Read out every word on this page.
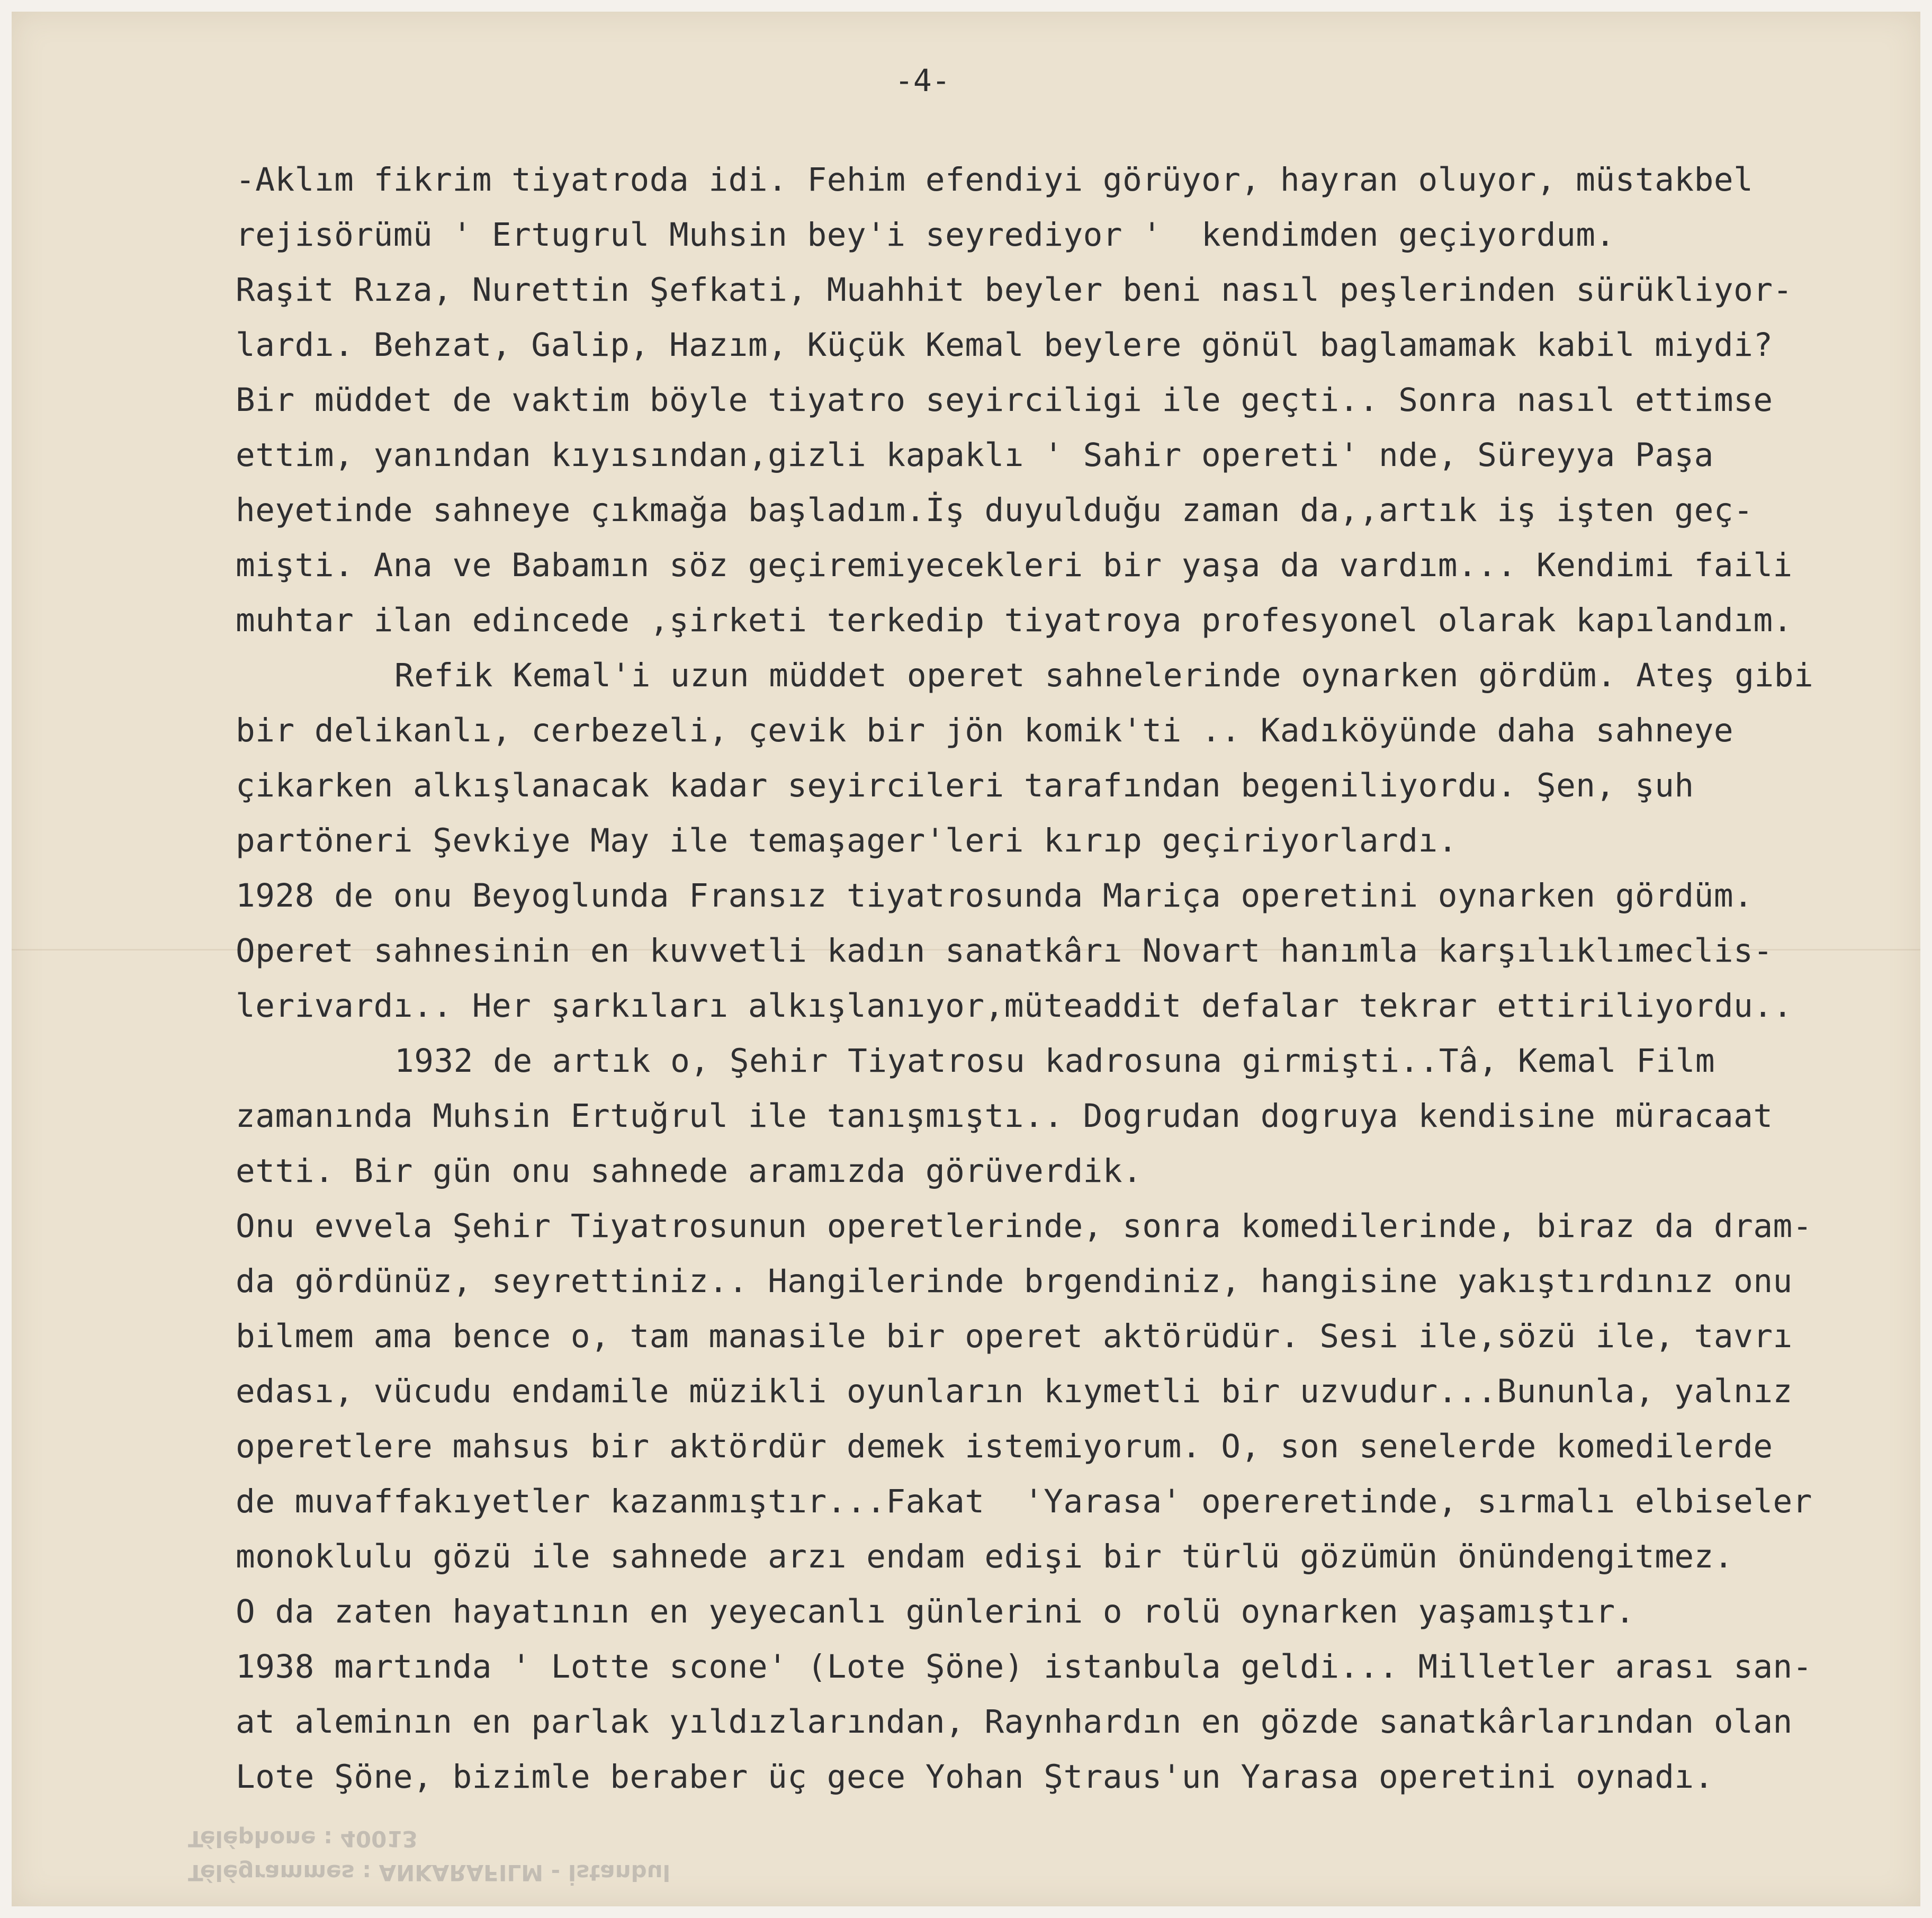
-4-
-Aklım fikrim tiyatroda idi. Fehim efendiyi görüyor, hayran oluyor, müstakbel
rejisörümü ' Ertugrul Muhsin bey'i seyrediyor '  kendimden geçiyordum.
Raşit Rıza, Nurettin Şefkati, Muahhit beyler beni nasıl peşlerinden sürükliyor-
lardı. Behzat, Galip, Hazım, Küçük Kemal beylere gönül baglamamak kabil miydi?
Bir müddet de vaktim böyle tiyatro seyirciligi ile geçti.. Sonra nasıl ettimse
ettim, yanından kıyısından,gizli kapaklı ' Sahir opereti' nde, Süreyya Paşa
heyetinde sahneye çıkmağa başladım.İş duyulduğu zaman da,,artık iş işten geç-
mişti. Ana ve Babamın söz geçiremiyecekleri bir yaşa da vardım... Kendimi faili
muhtar ilan edincede ,şirketi terkedip tiyatroya profesyonel olarak kapılandım.
Refik Kemal'i uzun müddet operet sahnelerinde oynarken gördüm. Ateş gibi
bir delikanlı, cerbezeli, çevik bir jön komik'ti .. Kadıköyünde daha sahneye
çikarken alkışlanacak kadar seyircileri tarafından begeniliyordu. Şen, şuh
partöneri Şevkiye May ile temaşager'leri kırıp geçiriyorlardı.
1928 de onu Beyoglunda Fransız tiyatrosunda Mariça operetini oynarken gördüm.
Operet sahnesinin en kuvvetli kadın sanatkârı Novart hanımla karşılıklımeclis-
lerivardı.. Her şarkıları alkışlanıyor,müteaddit defalar tekrar ettiriliyordu..
1932 de artık o, Şehir Tiyatrosu kadrosuna girmişti..Tâ, Kemal Film
zamanında Muhsin Ertuğrul ile tanışmıştı.. Dogrudan dogruya kendisine müracaat
etti. Bir gün onu sahnede aramızda görüverdik.
Onu evvela Şehir Tiyatrosunun operetlerinde, sonra komedilerinde, biraz da dram-
da gördünüz, seyrettiniz.. Hangilerinde brgendiniz, hangisine yakıştırdınız onu
bilmem ama bence o, tam manasile bir operet aktörüdür. Sesi ile,sözü ile, tavrı
edası, vücudu endamile müzikli oyunların kıymetli bir uzvudur...Bununla, yalnız
operetlere mahsus bir aktördür demek istemiyorum. O, son senelerde komedilerde
de muvaffakıyetler kazanmıştır...Fakat  'Yarasa' opereretinde, sırmalı elbiseler
monoklulu gözü ile sahnede arzı endam edişi bir türlü gözümün önündengitmez.
O da zaten hayatının en yeyecanlı günlerini o rolü oynarken yaşamıştır.
1938 martında ' Lotte scone' (Lote Şöne) istanbula geldi... Milletler arası san-
at aleminın en parlak yıldızlarından, Raynhardın en gözde sanatkârlarından olan
Lote Şöne, bizimle beraber üç gece Yohan Ştraus'un Yarasa operetini oynadı.
Télégrammes : ANKARAFILM - İstanbul
Téléphone : 40013
